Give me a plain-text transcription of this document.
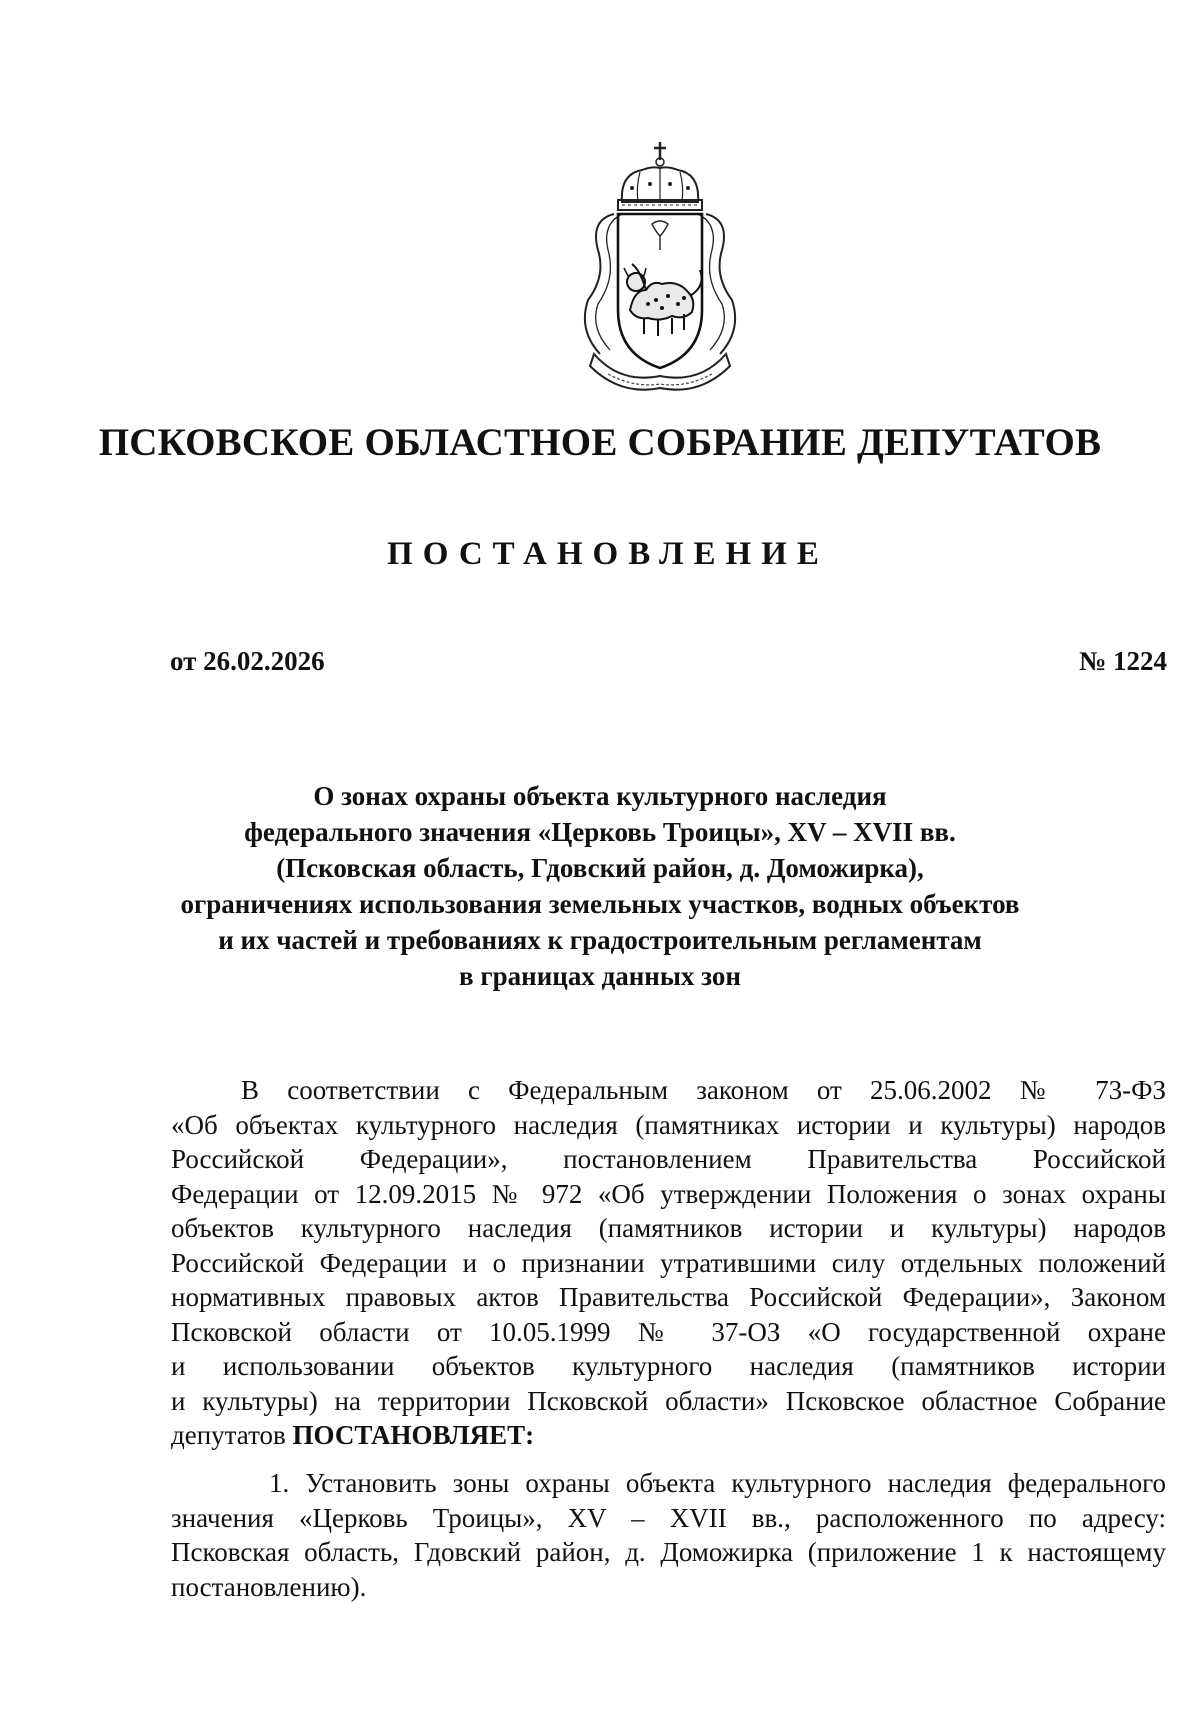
ПСКОВСКОЕ ОБЛАСТНОЕ СОБРАНИЕ ДЕПУТАТОВ
ПОСТАНОВЛЕНИЕ
от 26.02.2026	№ 1224
О зонах охраны объекта культурного наследия
федерального значения «Церковь Троицы», XV – XVII вв.
(Псковская область, Гдовский район, д. Доможирка),
ограничениях использования земельных участков, водных объектов
и их частей и требованиях к градостроительным регламентам
в границах данных зон
В соответствии с Федеральным законом от 25.06.2002 № 73-ФЗ
«Об объектах культурного наследия (памятниках истории и культуры) народов
Российской Федерации», постановлением Правительства Российской
Федерации от 12.09.2015 № 972 «Об утверждении Положения о зонах охраны
объектов культурного наследия (памятников истории и культуры) народов
Российской Федерации и о признании утратившими силу отдельных положений
нормативных правовых актов Правительства Российской Федерации», Законом
Псковской области от 10.05.1999 № 37-ОЗ «О государственной охране
и использовании объектов культурного наследия (памятников истории
и культуры) на территории Псковской области» Псковское областное Собрание
депутатов ПОСТАНОВЛЯЕТ:
1. Установить зоны охраны объекта культурного наследия федерального
значения «Церковь Троицы», XV – XVII вв., расположенного по адресу:
Псковская область, Гдовский район, д. Доможирка (приложение 1 к настоящему
постановлению).
